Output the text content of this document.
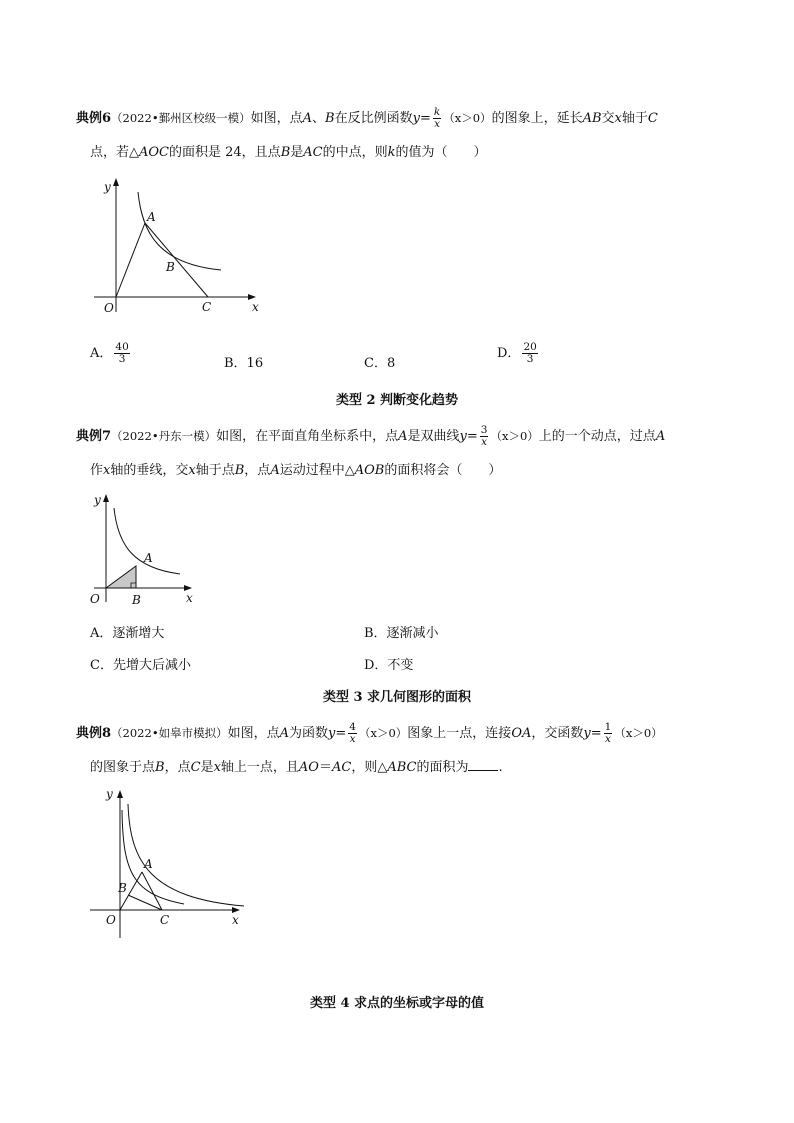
典例6（2022•鄞州区校级一模）如图，点A、B在反比例函数$y= \frac{k}{x} (x>0)$的图象上，延长AB交x轴于C
点，若△AOC的面积是 24，且点B是AC的中点，则k的值为（　　）
y
x
O
A
B
C
A． $\frac{40}{3}$	B．16	C．8
D． $\frac{20}{3}$
类型 2 判断变化趋势
典例7（2022•丹东一模）如图，在平面直角坐标系中，点A是双曲线$y= \frac{3}{x} (x>0)$上的一个动点，过点A
作x轴的垂线，交x轴于点B，点A运动过程中△AOB的面积将会（　　）
y
x
O
A
B
A．逐渐增大	B．逐渐减小
C．先增大后减小	D．不变
类型 3 求几何图形的面积
典例8（2022•如皋市模拟）如图，点A为函数$y= \frac{4}{x} (x>0)$图象上一点，连接OA，交函数$y= \frac{1}{x} (x>0)$
的图象于点B，点C是x轴上一点，且AO＝AC，则△ABC的面积为 .
y
x
O
A
B
C
类型 4 求点的坐标或字母的值
